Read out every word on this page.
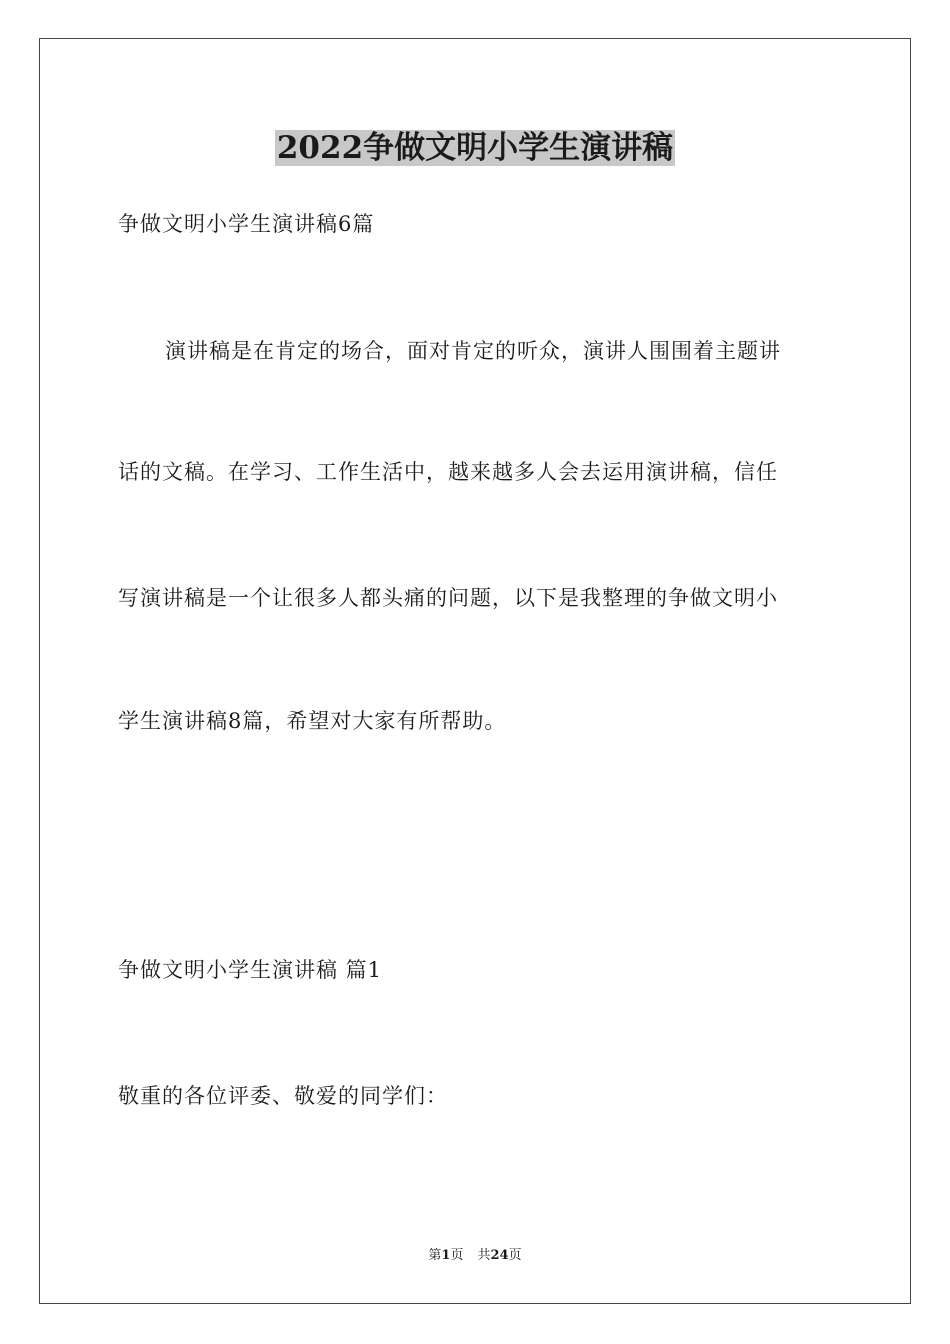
2022争做文明小学生演讲稿
争做文明小学生演讲稿6篇
演讲稿是在肯定的场合，面对肯定的听众，演讲人围围着主题讲
话的文稿。在学习、工作生活中，越来越多人会去运用演讲稿，信任
写演讲稿是一个让很多人都头痛的问题，以下是我整理的争做文明小
学生演讲稿8篇，希望对大家有所帮助。
争做文明小学生演讲稿 篇1
敬重的各位评委、敬爱的同学们：
第1页 共24页
